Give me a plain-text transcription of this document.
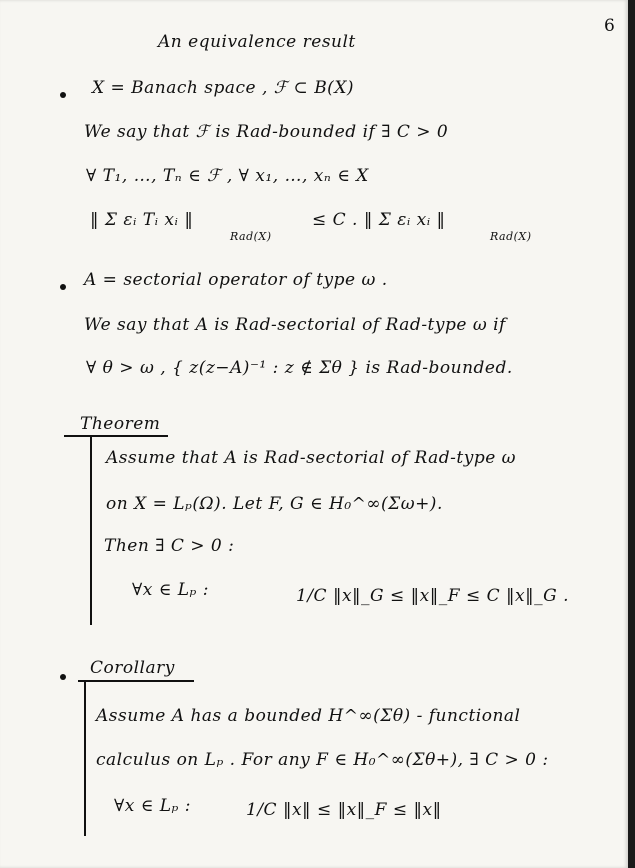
6
An equivalence result
X = Banach space , ℱ ⊂ B(X)
We say that ℱ is Rad-bounded if ∃ C > 0
∀ T₁, …, Tₙ ∈ ℱ , ∀ x₁, …, xₙ ∈ X
‖ Σ εᵢ Tᵢ xᵢ ‖
Rad(X)
≤ C . ‖ Σ εᵢ xᵢ ‖
Rad(X)
A = sectorial operator of type ω .
We say that A is Rad-sectorial of Rad-type ω if
∀ θ > ω , { z(z−A)⁻¹ : z ∉ Σ̅θ } is Rad-bounded.
Theorem
Assume that A is Rad-sectorial of Rad-type ω
on X = Lₚ(Ω). Let F, G ∈ H₀^∞(Σω+).
Then ∃ C > 0 :
∀x ∈ Lₚ :	1/C ‖x‖_G ≤ ‖x‖_F ≤ C ‖x‖_G .
Corollary
Assume A has a bounded H^∞(Σθ) - functional
calculus on Lₚ . For any F ∈ H₀^∞(Σθ+), ∃ C > 0 :
∀x ∈ Lₚ :	1/C ‖x‖ ≤ ‖x‖_F ≤ ‖x‖
